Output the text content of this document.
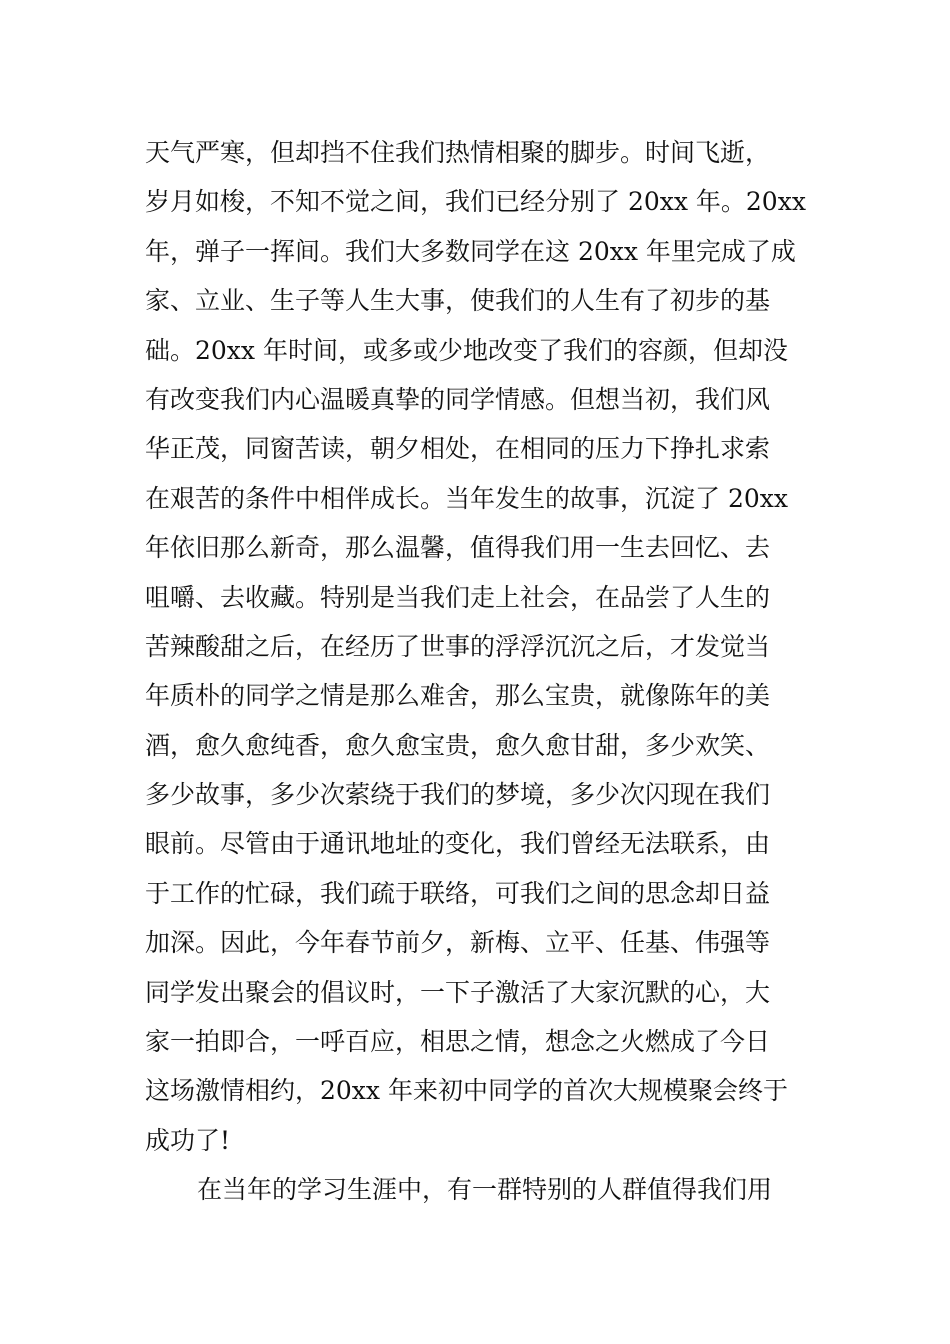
天气严寒，但却挡不住我们热情相聚的脚步。时间飞逝，
岁月如梭，不知不觉之间，我们已经分别了 20xx 年。20xx
年，弹子一挥间。我们大多数同学在这 20xx 年里完成了成
家、立业、生子等人生大事，使我们的人生有了初步的基
础。20xx 年时间，或多或少地改变了我们的容颜，但却没
有改变我们内心温暖真挚的同学情感。但想当初，我们风
华正茂，同窗苦读，朝夕相处，在相同的压力下挣扎求索
在艰苦的条件中相伴成长。当年发生的故事，沉淀了 20xx
年依旧那么新奇，那么温馨，值得我们用一生去回忆、去
咀嚼、去收藏。特别是当我们走上社会，在品尝了人生的
苦辣酸甜之后，在经历了世事的浮浮沉沉之后，才发觉当
年质朴的同学之情是那么难舍，那么宝贵，就像陈年的美
酒，愈久愈纯香，愈久愈宝贵，愈久愈甘甜，多少欢笑、
多少故事，多少次萦绕于我们的梦境，多少次闪现在我们
眼前。尽管由于通讯地址的变化，我们曾经无法联系，由
于工作的忙碌，我们疏于联络，可我们之间的思念却日益
加深。因此，今年春节前夕，新梅、立平、任基、伟强等
同学发出聚会的倡议时，一下子激活了大家沉默的心，大
家一拍即合，一呼百应，相思之情，想念之火燃成了今日
这场激情相约，20xx 年来初中同学的首次大规模聚会终于
成功了!
在当年的学习生涯中，有一群特别的人群值得我们用
